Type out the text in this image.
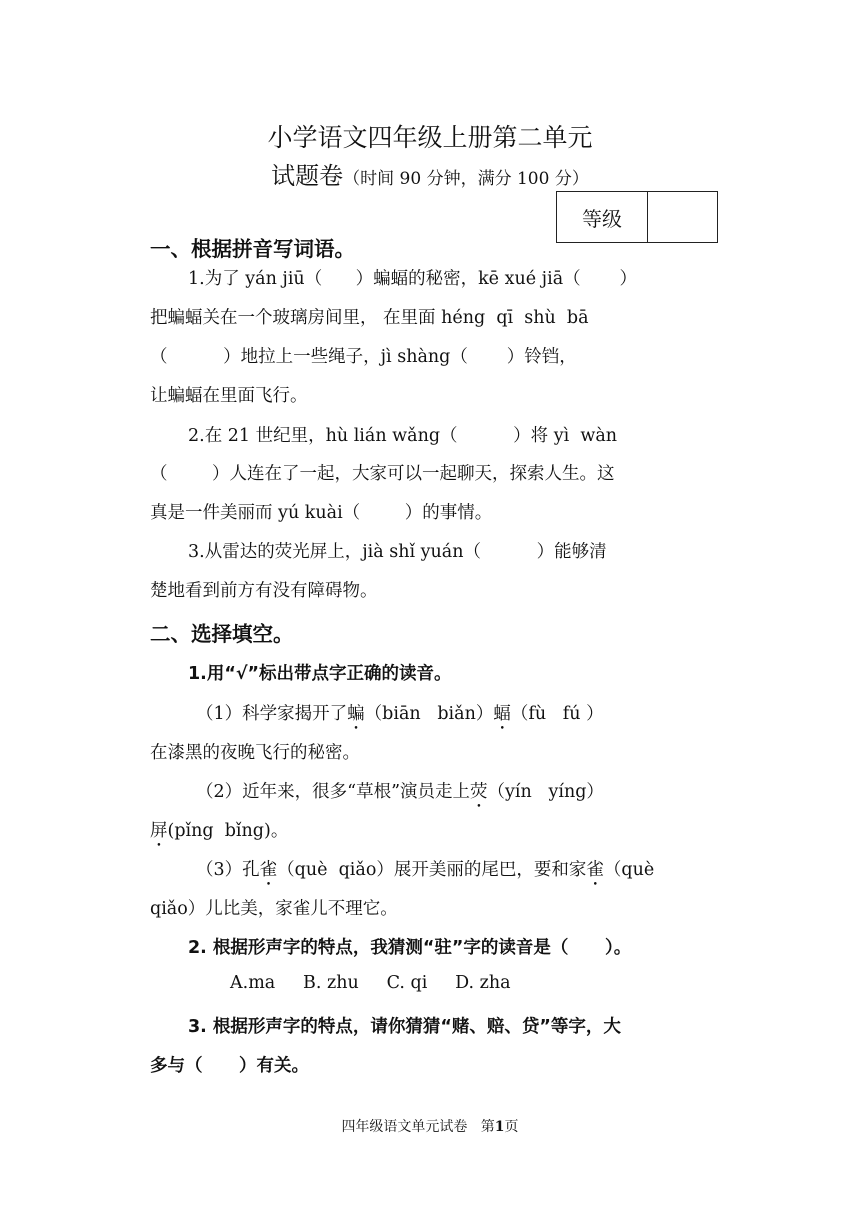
小学语文四年级上册第二单元
试题卷（时间 90 分钟，满分 100 分）
等级
一、根据拼音写词语。
1.为了 yán jiū（      ）蝙蝠的秘密，kē xué jiā（       ）
把蝙蝠关在一个玻璃房间里， 在里面 héng  qī  shù  bā
（          ）地拉上一些绳子，jì shàng（       ）铃铛，
让蝙蝠在里面飞行。
2.在 21 世纪里，hù lián wǎng（          ）将 yì  wàn
（        ）人连在了一起，大家可以一起聊天，探索人生。这
真是一件美丽而 yú kuài（        ）的事情。
3.从雷达的荧光屏上，jià shǐ yuán（          ）能够清
楚地看到前方有没有障碍物。
二、选择填空。
1.用“√”标出带点字正确的读音。
（1）科学家揭开了蝙（biān   biǎn）蝠（fù   fú ）
在漆黑的夜晚飞行的秘密。
（2）近年来，很多“草根”演员走上荧（yín   yíng）
屏(pǐng  bǐng)。
（3）孔雀（què  qiǎo）展开美丽的尾巴，要和家雀（què
qiǎo）儿比美，家雀儿不理它。
2. 根据形声字的特点，我猜测“驻”字的读音是（      ）。
A.ma     B. zhu     C. qi     D. zha
3. 根据形声字的特点，请你猜猜“赌、赔、贷”等字，大
多与（      ）有关。
四年级语文单元试卷   第1页
